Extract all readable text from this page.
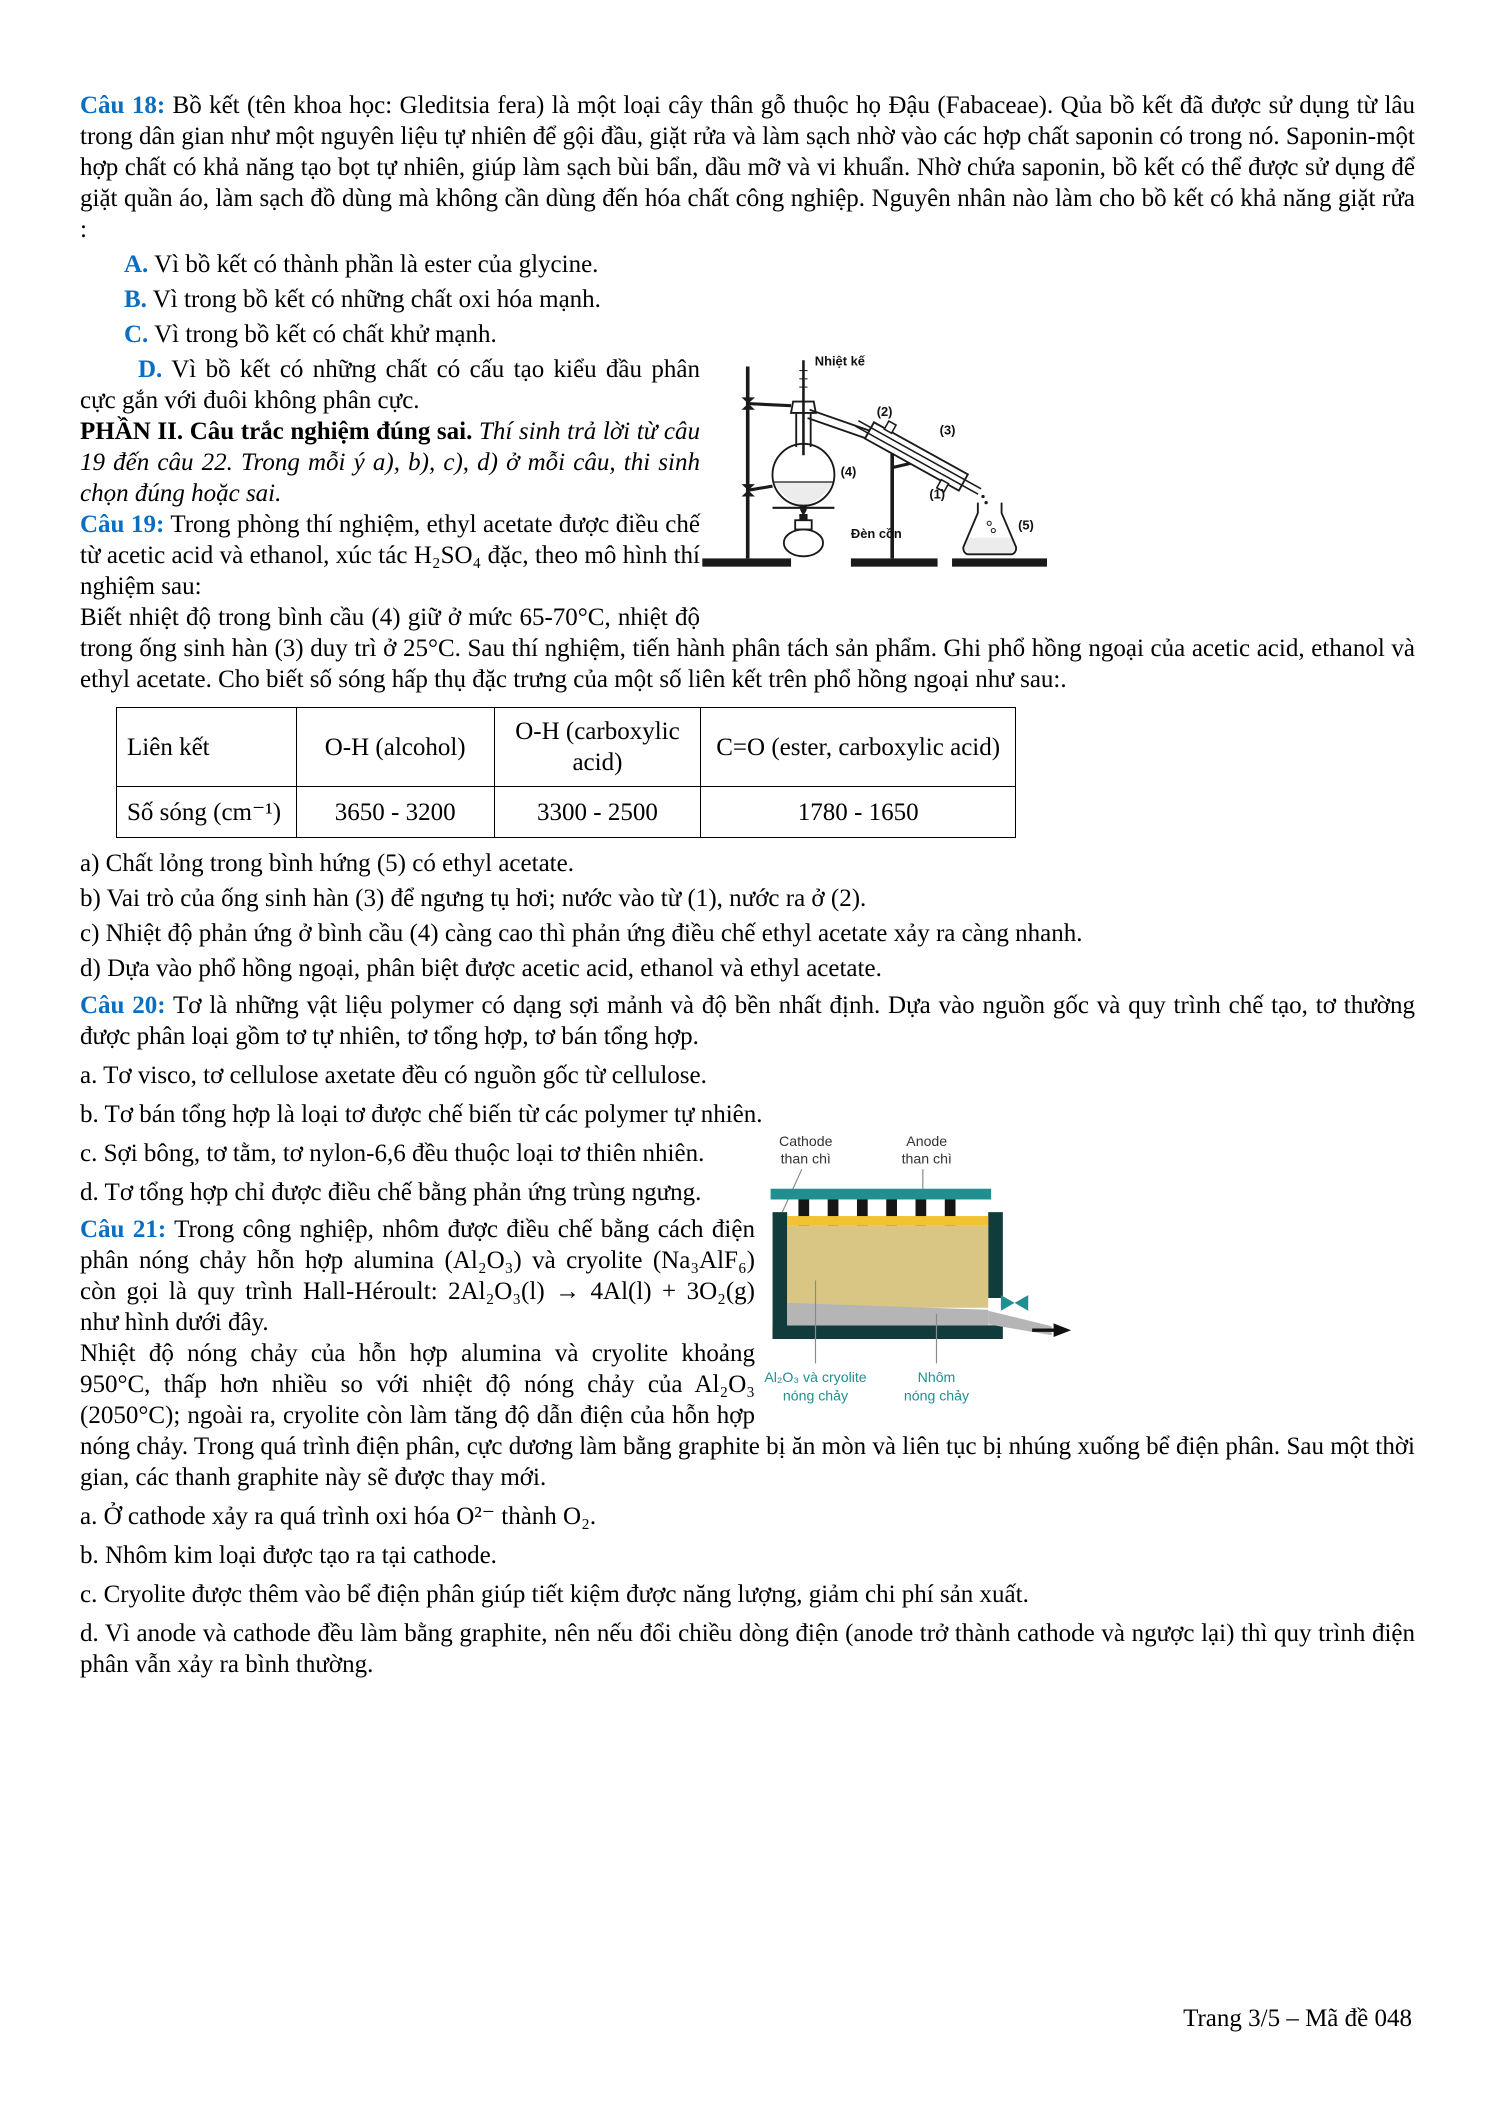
Câu 18: Bồ kết (tên khoa học: Gleditsia fera) là một loại cây thân gỗ thuộc họ Đậu (Fabaceae). Qủa bồ kết đã được sử dụng từ lâu trong dân gian như một nguyên liệu tự nhiên để gội đầu, giặt rửa và làm sạch nhờ vào các hợp chất saponin có trong nó. Saponin-một hợp chất có khả năng tạo bọt tự nhiên, giúp làm sạch bùi bẩn, dầu mỡ và vi khuẩn. Nhờ chứa saponin, bồ kết có thể được sử dụng để giặt quần áo, làm sạch đồ dùng mà không cần dùng đến hóa chất công nghiệp. Nguyên nhân nào làm cho bồ kết có khả năng giặt rửa :

A. Vì bồ kết có thành phần là ester của glycine.

B. Vì trong bồ kết có những chất oxi hóa mạnh.

C. Vì trong bồ kết có chất khử mạnh.

Nhiệt kế
(2)
(3)
(4)
(1)
(5)
Đèn cồn

D. Vì bồ kết có những chất có cấu tạo kiểu đầu phân cực gắn với đuôi không phân cực.

PHẦN II. Câu trắc nghiệm đúng sai. Thí sinh trả lời từ câu 19 đến câu 22. Trong mỗi ý a), b), c), d) ở mỗi câu, thi sinh chọn đúng hoặc sai.

Câu 19: Trong phòng thí nghiệm, ethyl acetate được điều chế từ acetic acid và ethanol, xúc tác H₂SO₄ đặc, theo mô hình thí nghiệm sau:

Biết nhiệt độ trong bình cầu (4) giữ ở mức 65-70°C, nhiệt độ trong ống sinh hàn (3) duy trì ở 25°C. Sau thí nghiệm, tiến hành phân tách sản phẩm. Ghi phổ hồng ngoại của acetic acid, ethanol và ethyl acetate. Cho biết số sóng hấp thụ đặc trưng của một số liên kết trên phổ hồng ngoại như sau:.

Liên kết	O-H (alcohol)	O-H (carboxylic acid)	C=O (ester, carboxylic acid)
Số sóng (cm⁻¹)	3650 - 3200	3300 - 2500	1780 - 1650

a) Chất lỏng trong bình hứng (5) có ethyl acetate.

b) Vai trò của ống sinh hàn (3) để ngưng tụ hơi; nước vào từ (1), nước ra ở (2).

c) Nhiệt độ phản ứng ở bình cầu (4) càng cao thì phản ứng điều chế ethyl acetate xảy ra càng nhanh.

d) Dựa vào phổ hồng ngoại, phân biệt được acetic acid, ethanol và ethyl acetate.

Câu 20: Tơ là những vật liệu polymer có dạng sợi mảnh và độ bền nhất định. Dựa vào nguồn gốc và quy trình chế tạo, tơ thường được phân loại gồm tơ tự nhiên, tơ tổng hợp, tơ bán tổng hợp.

a. Tơ visco, tơ cellulose axetate đều có nguồn gốc từ cellulose.

b. Tơ bán tổng hợp là loại tơ được chế biến từ các polymer tự nhiên.

Cathode
than chì
Anode
than chì
Al₂O₃ và cryolite
nóng chảy
Nhôm
nóng chảy

c. Sợi bông, tơ tằm, tơ nylon-6,6 đều thuộc loại tơ thiên nhiên.

d. Tơ tổng hợp chỉ được điều chế bằng phản ứng trùng ngưng.

Câu 21: Trong công nghiệp, nhôm được điều chế bằng cách điện phân nóng chảy hỗn hợp alumina (Al₂O₃) và cryolite (Na₃AlF₆) còn gọi là quy trình Hall-Héroult: 2Al₂O₃(l) → 4Al(l) + 3O₂(g) như hình dưới đây.

Nhiệt độ nóng chảy của hỗn hợp alumina và cryolite khoảng 950°C, thấp hơn nhiều so với nhiệt độ nóng chảy của Al₂O₃ (2050°C); ngoài ra, cryolite còn làm tăng độ dẫn điện của hỗn hợp nóng chảy. Trong quá trình điện phân, cực dương làm bằng graphite bị ăn mòn và liên tục bị nhúng xuống bể điện phân. Sau một thời gian, các thanh graphite này sẽ được thay mới.

a. Ở cathode xảy ra quá trình oxi hóa O²⁻ thành O₂.

b. Nhôm kim loại được tạo ra tại cathode.

c. Cryolite được thêm vào bể điện phân giúp tiết kiệm được năng lượng, giảm chi phí sản xuất.

d. Vì anode và cathode đều làm bằng graphite, nên nếu đổi chiều dòng điện (anode trở thành cathode và ngược lại) thì quy trình điện phân vẫn xảy ra bình thường.

Trang 3/5 – Mã đề 048
